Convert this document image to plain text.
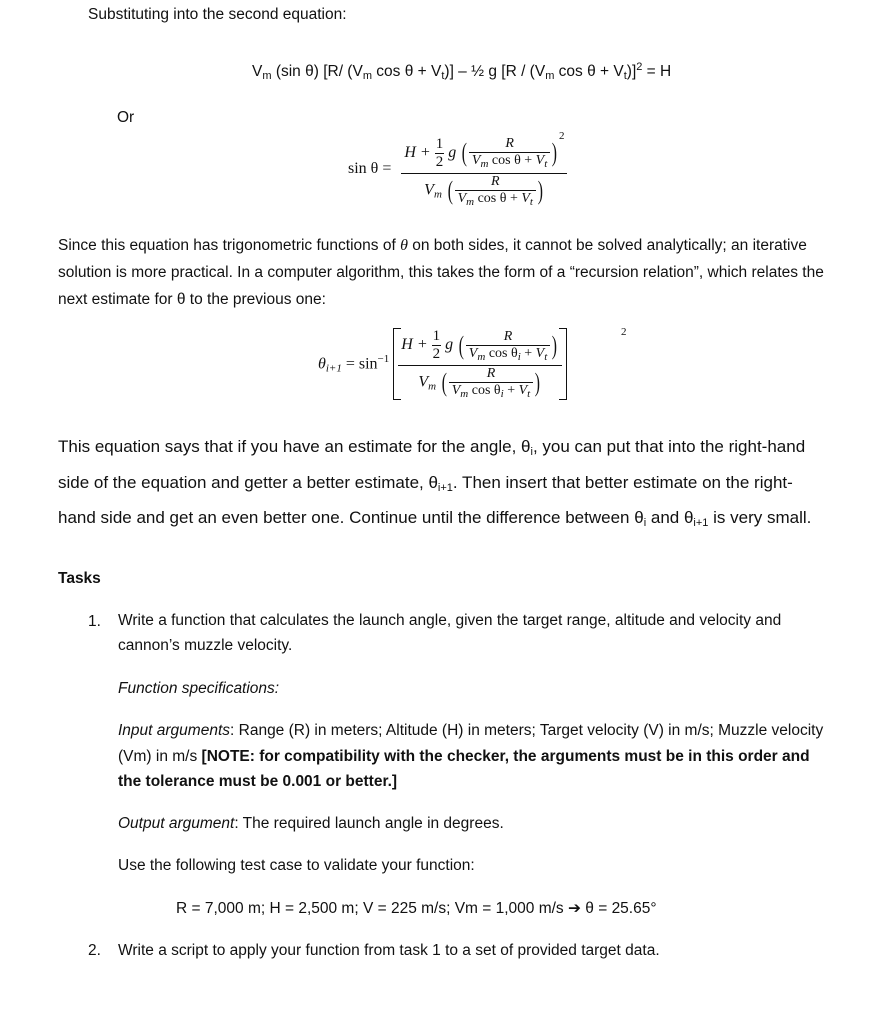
Substituting into the second equation:
$V_m$ (sin θ) [R/ ($V_m$ $\cos \theta + V_t$)] – ½ g [$R / (V_m$ $\cos \theta + V_t)]^2 = H$
Or
$\sin \theta = \frac{H + \frac{1}{2} g ( \frac{R}{V_m \cos \theta + V_t} )^2}{V_m ( \frac{R}{V_m \cos \theta + V_t} )}$
Since this equation has trigonometric functions of θ on both sides, it cannot be solved analytically; an iterative solution is more practical. In a computer algorithm, this takes the form of a “recursion relation”, which relates the next estimate for θ to the previous one:
$\theta_{i+1} = \sin^{-1} \frac{H + \frac{1}{2} g ( \frac{R}{V_m \cos \theta_i + V_t} )}{V_m ( \frac{R}{V_m \cos \theta_i + V_t} )}$	2
This equation says that if you have an estimate for the angle, $\theta_i$, you can put that into the right-hand side of the equation and getter a better estimate, $\theta_{i+1}$. Then insert that better estimate on the right-hand side and get an even better one. Continue until the difference between $\theta_i$ and $\theta_{i+1}$ is very small.
Tasks
1. Write a function that calculates the launch angle, given the target range, altitude and velocity and cannon’s muzzle velocity.
Function specifications:
Input arguments: Range (R) in meters; Altitude (H) in meters; Target velocity (V) in m/s; Muzzle velocity (Vm) in m/s [NOTE: for compatibility with the checker, the arguments must be in this order and the tolerance must be 0.001 or better.]
Output argument: The required launch angle in degrees.
Use the following test case to validate your function:
R = 7,000 m; H = 2,500 m; V = 225 m/s; Vm = 1,000 m/s ➔ θ = 25.65°
2. Write a script to apply your function from task 1 to a set of provided target data.
